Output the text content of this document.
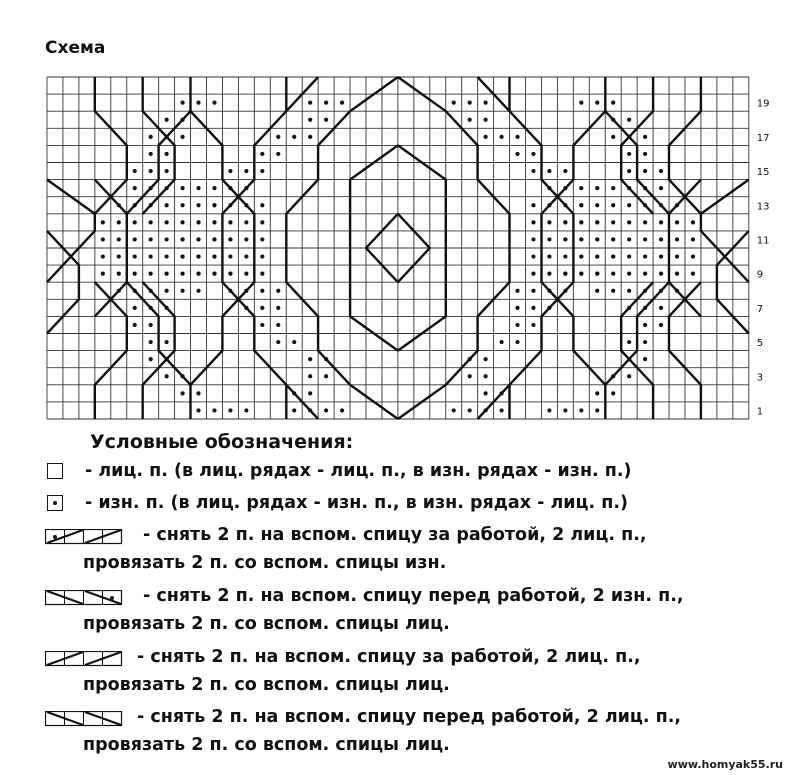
Схема
1
3
5
7
9
11
13
15
17
19
Условные обозначения:
- лиц. п. (в лиц. рядах - лиц. п., в изн. рядах - изн. п.)
- изн. п. (в лиц. рядах - изн. п., в изн. рядах - лиц. п.)
- снять 2 п. на вспом. спицу за работой, 2 лиц. п.,
провязать 2 п. со вспом. спицы изн.
- снять 2 п. на вспом. спицу перед работой, 2 изн. п.,
провязать 2 п. со вспом. спицы лиц.
- снять 2 п. на вспом. спицу за работой, 2 лиц. п.,
провязать 2 п. со вспом. спицы лиц.
- снять 2 п. на вспом. спицу перед работой, 2 лиц. п.,
провязать 2 п. со вспом. спицы лиц.
www.homyak55.ru
